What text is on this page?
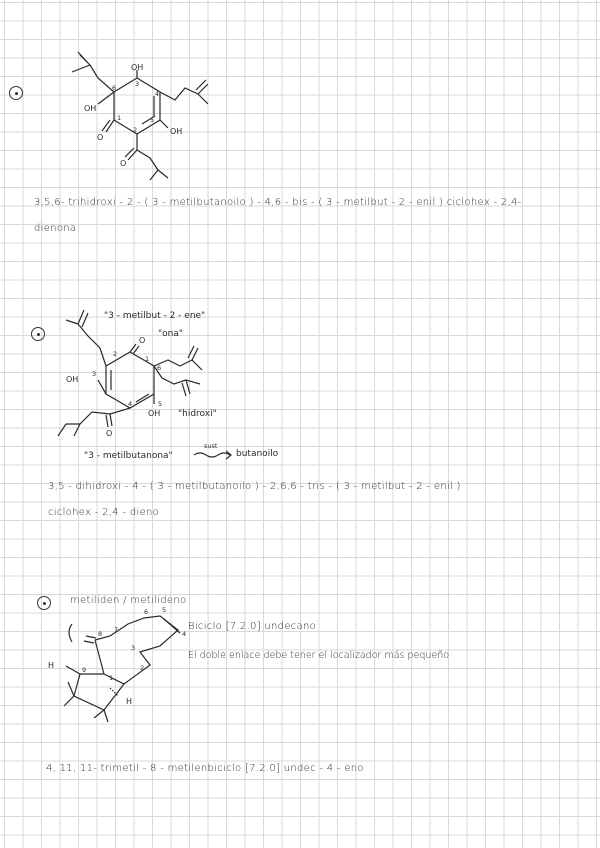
OH
OH
OH
O
O
1
2
3
4
5
6
3,5,6- trihidroxi - 2 - ( 3 - metilbutanoilo ) - 4,6 - bis - ( 3 - metilbut - 2 - enil ) ciclohex - 2,4-
dienona
O
OH
OH
O
1
2
3
4	5
6
"3 - metilbut - 2 - ene"
"ona"
"hidroxi"
"3 - metilbutanona"
sust
butanoilo
3,5 - dihidroxi - 4 - ( 3 - metilbutanoilo ) - 2,6,6 - tris - ( 3 - metilbut - 2 - enil )
ciclohex - 2,4 - dieno
H
H
1
2
3
4
5
6
7
8
9
metiliden / metilideno
Biciclo [7.2.0] undecano
El doble enlace debe tener el localizador más pequeño
4, 11, 11- trimetil - 8 - metilenbiciclo [7.2.0] undec - 4 - eno
